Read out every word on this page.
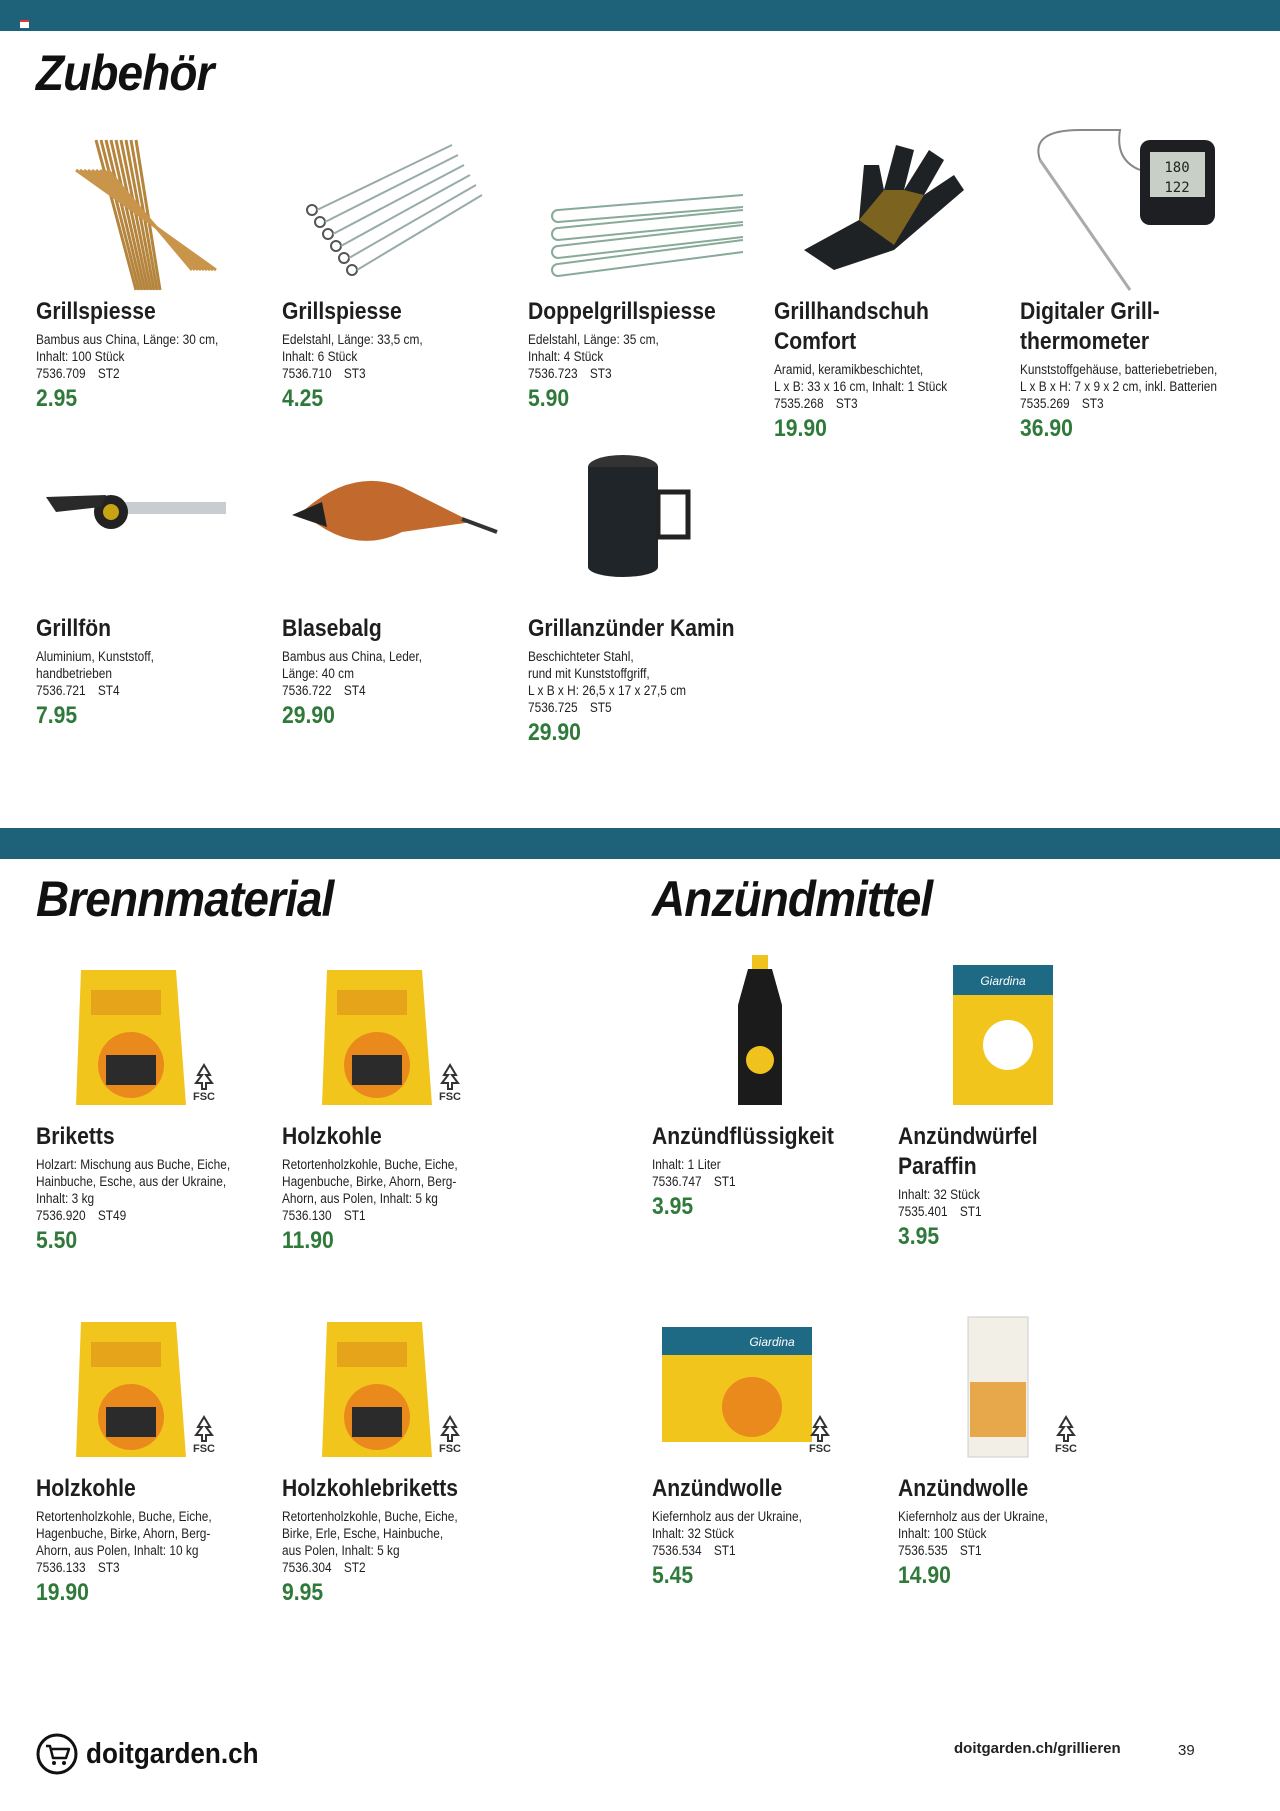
Zubehör
Brennmaterial	Anzündmittel
Grillspiesse
Bambus aus China, Länge: 30 cm,
Inhalt: 100 Stück
7536.709 ST2
2.95
Grillspiesse
Edelstahl, Länge: 33,5 cm,
Inhalt: 6 Stück
7536.710 ST3
4.25
Doppelgrillspiesse
Edelstahl, Länge: 35 cm,
Inhalt: 4 Stück
7536.723 ST3
5.90
Grillhandschuh
Comfort
Aramid, keramikbeschichtet,
L x B: 33 x 16 cm, Inhalt: 1 Stück
7535.268 ST3
19.90
180
122
Digitaler Grill-
thermometer
Kunststoffgehäuse, batteriebetrieben,
L x B x H: 7 x 9 x 2 cm, inkl. Batterien
7535.269 ST3
36.90
Grillfön
Aluminium, Kunststoff,
handbetrieben
7536.721 ST4
7.95
Blasebalg
Bambus aus China, Leder,
Länge: 40 cm
7536.722 ST4
29.90
Grillanzünder Kamin
Beschichteter Stahl,
rund mit Kunststoffgriff,
L x B x H: 26,5 x 17 x 27,5 cm
7536.725 ST5
29.90
FSC
Briketts
Holzart: Mischung aus Buche, Eiche,
Hainbuche, Esche, aus der Ukraine,
Inhalt: 3 kg
7536.920 ST49
5.50
FSC
Holzkohle
Retortenholzkohle, Buche, Eiche,
Hagenbuche, Birke, Ahorn, Berg-
Ahorn, aus Polen, Inhalt: 5 kg
7536.130 ST1
11.90
Anzündflüssigkeit
Inhalt: 1 Liter
7536.747 ST1
3.95
Giardina
Anzündwürfel
Paraffin
Inhalt: 32 Stück
7535.401 ST1
3.95
FSC
Holzkohle
Retortenholzkohle, Buche, Eiche,
Hagenbuche, Birke, Ahorn, Berg-
Ahorn, aus Polen, Inhalt: 10 kg
7536.133 ST3
19.90
FSC
Holzkohlebriketts
Retortenholzkohle, Buche, Eiche,
Birke, Erle, Esche, Hainbuche,
aus Polen, Inhalt: 5 kg
7536.304 ST2
9.95
Giardina
FSC
Anzündwolle
Kiefernholz aus der Ukraine,
Inhalt: 32 Stück
7536.534 ST1
5.45
FSC
Anzündwolle
Kiefernholz aus der Ukraine,
Inhalt: 100 Stück
7536.535 ST1
14.90
doitgarden.ch	doitgarden.ch/grillieren	39
